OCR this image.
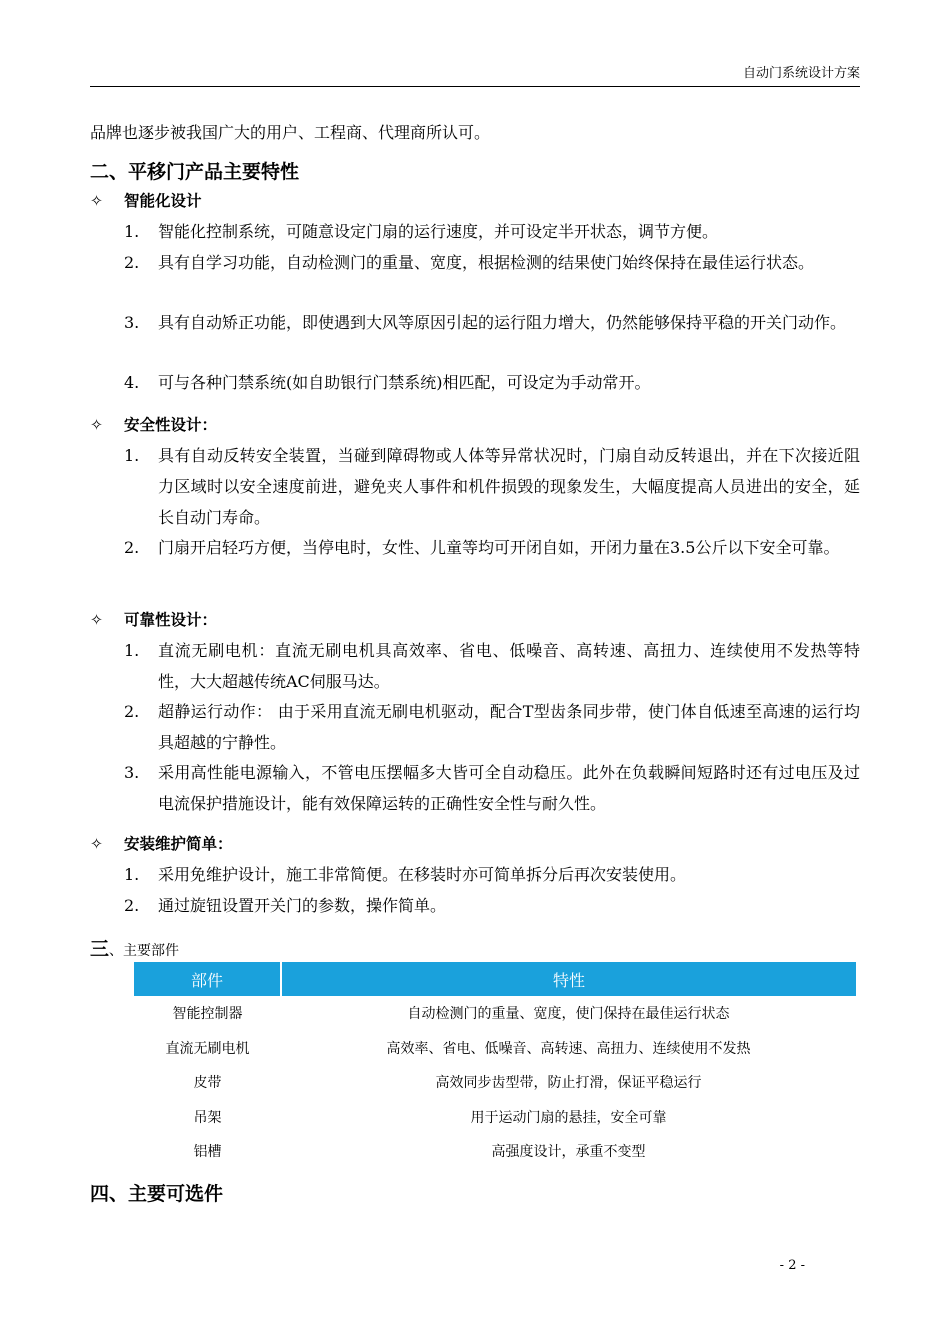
自动门系统设计方案
品牌也逐步被我国广大的用户、工程商、代理商所认可。
二、平移门产品主要特性
✧ 智能化设计
1.	智能化控制系统，可随意设定门扇的运行速度，并可设定半开状态，调节方便。
2.	具有自学习功能，自动检测门的重量、宽度，根据检测的结果使门始终保持在最佳运行状态。
3.	具有自动矫正功能，即使遇到大风等原因引起的运行阻力增大，仍然能够保持平稳的开关门动作。
4.	可与各种门禁系统(如自助银行门禁系统)相匹配，可设定为手动常开。
✧ 安全性设计：
1.	具有自动反转安全装置，当碰到障碍物或人体等异常状况时，门扇自动反转退出，并在下次接近阻力区域时以安全速度前进，避免夹人事件和机件损毁的现象发生，大幅度提高人员进出的安全，延长自动门寿命。
2.	门扇开启轻巧方便，当停电时，女性、儿童等均可开闭自如，开闭力量在3.5公斤以下安全可靠。
✧ 可靠性设计：
1.	直流无刷电机：直流无刷电机具高效率、省电、低噪音、高转速、高扭力、连续使用不发热等特性，大大超越传统AC伺服马达。
2.	超静运行动作： 由于采用直流无刷电机驱动，配合T型齿条同步带，使门体自低速至高速的运行均具超越的宁静性。
3.	采用高性能电源输入，不管电压摆幅多大皆可全自动稳压。此外在负载瞬间短路时还有过电压及过电流保护措施设计，能有效保障运转的正确性安全性与耐久性。
✧ 安装维护简单：
1.	采用免维护设计，施工非常简便。在移装时亦可简单拆分后再次安装使用。
2.	通过旋钮设置开关门的参数，操作简单。
三、主要部件
部件	特性
智能控制器	自动检测门的重量、宽度，使门保持在最佳运行状态
直流无刷电机	高效率、省电、低噪音、高转速、高扭力、连续使用不发热
皮带	高效同步齿型带，防止打滑，保证平稳运行
吊架	用于运动门扇的悬挂，安全可靠
铝槽	高强度设计，承重不变型
四、主要可选件
- 2 -
